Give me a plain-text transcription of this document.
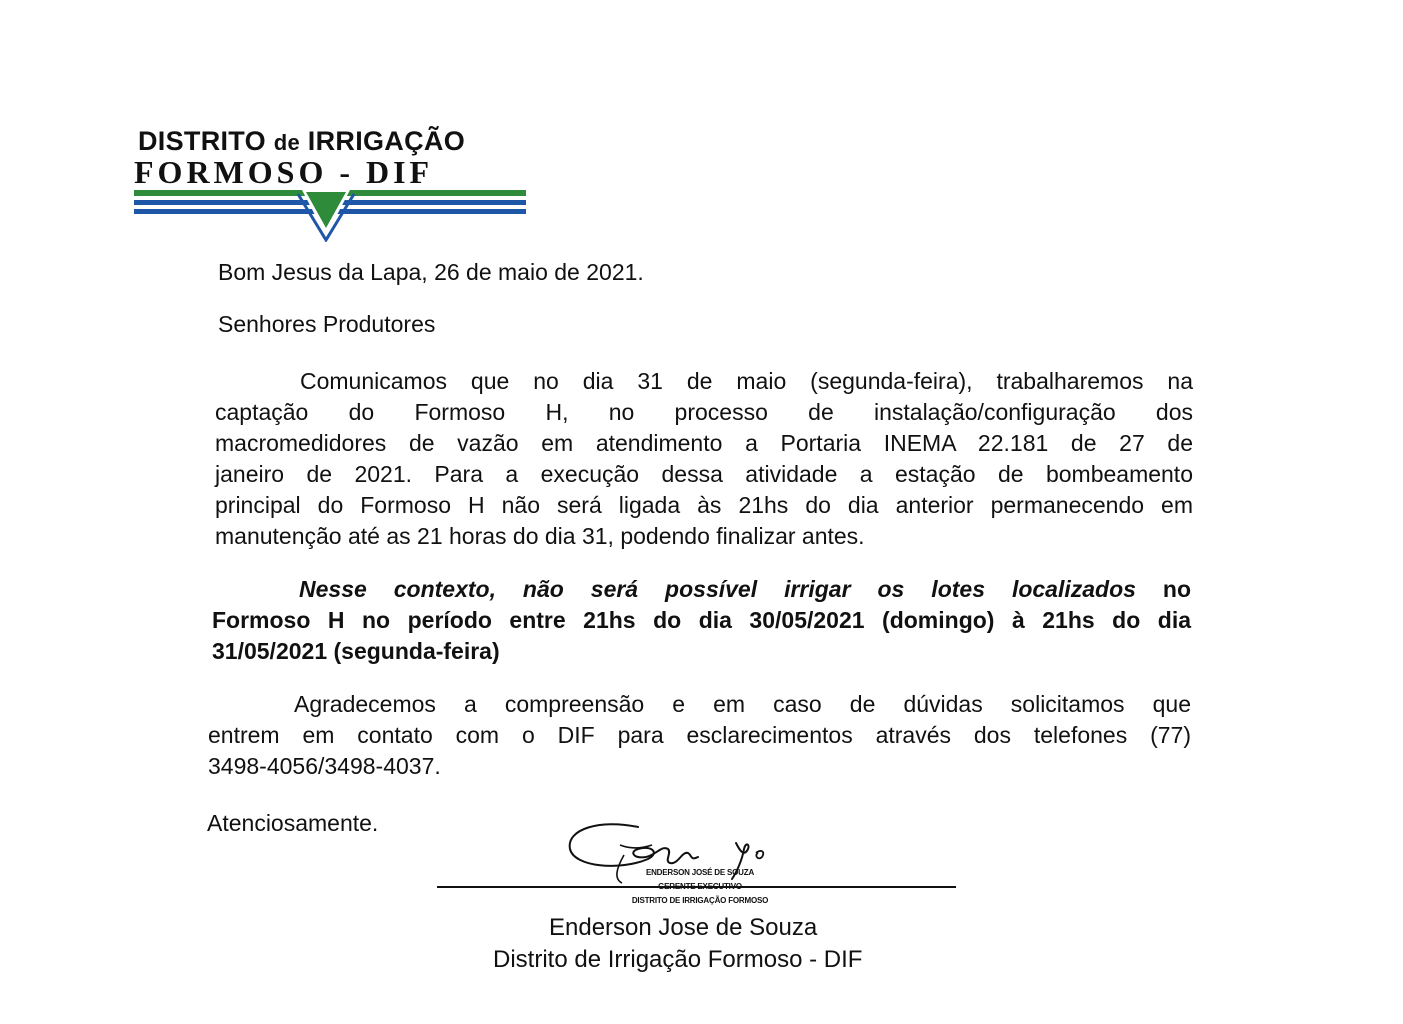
DISTRITO de IRRIGAÇÃO
FORMOSO - DIF
Bom Jesus da Lapa, 26 de maio de 2021.
Senhores Produtores
Comunicamos que no dia 31 de maio (segunda-feira), trabalharemos na
captação do Formoso H, no processo de instalação/configuração dos
macromedidores de vazão em atendimento a Portaria INEMA 22.181 de 27 de
janeiro de 2021. Para a execução dessa atividade a estação de bombeamento
principal do Formoso H não será ligada às 21hs do dia anterior permanecendo em
manutenção até as 21 horas do dia 31, podendo finalizar antes.
Nesse contexto, não será possível irrigar os lotes localizados no
Formoso H no período entre 21hs do dia 30/05/2021 (domingo) à 21hs do dia
31/05/2021 (segunda-feira)
Agradecemos a compreensão e em caso de dúvidas solicitamos que
entrem em contato com o DIF para esclarecimentos através dos telefones (77)
3498-4056/3498-4037.
Atenciosamente.
ENDERSON JOSÉ DE SOUZA
GERENTE EXECUTIVO
DISTRITO DE IRRIGAÇÃO FORMOSO
Enderson Jose de Souza
Distrito de Irrigação Formoso - DIF
